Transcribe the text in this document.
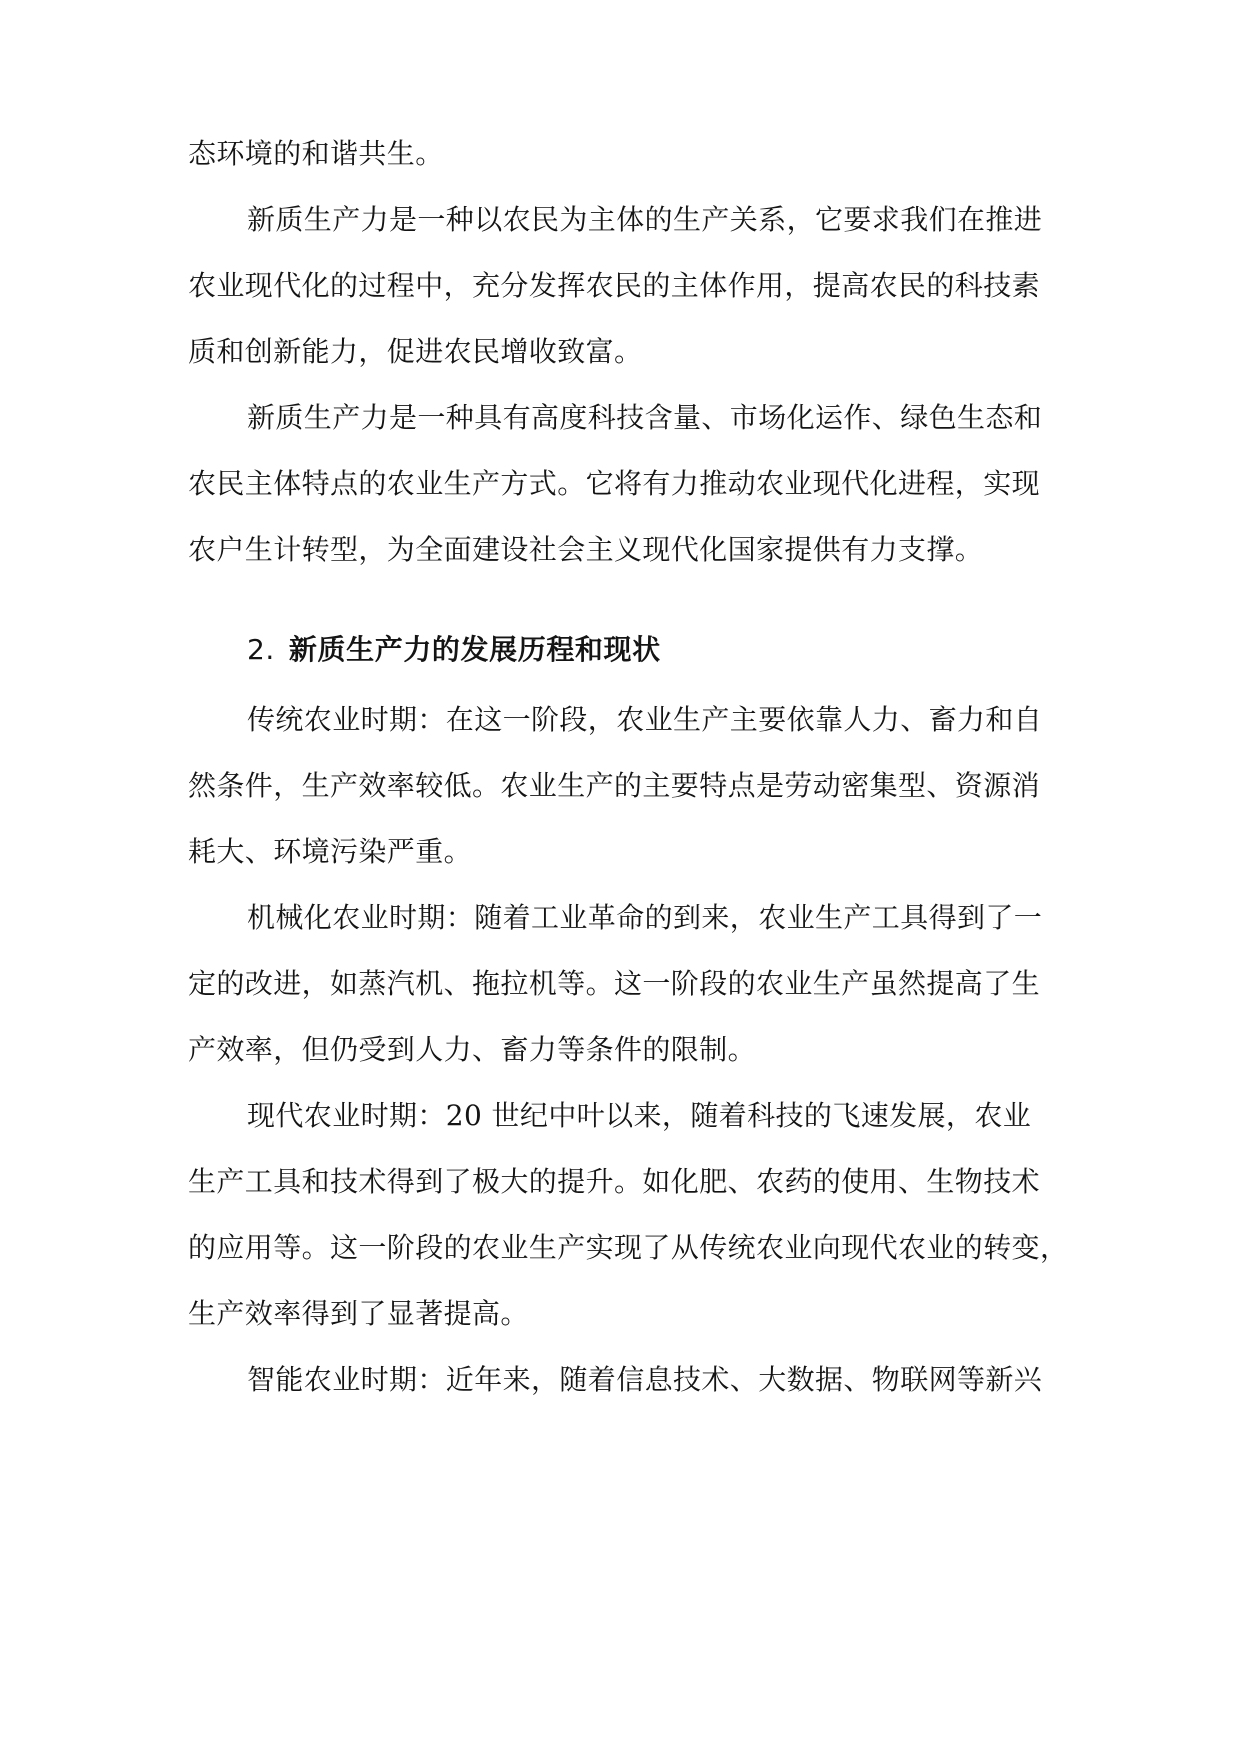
态环境的和谐共生。
新质生产力是一种以农民为主体的生产关系，它要求我们在推进
农业现代化的过程中，充分发挥农民的主体作用，提高农民的科技素
质和创新能力，促进农民增收致富。
新质生产力是一种具有高度科技含量、市场化运作、绿色生态和
农民主体特点的农业生产方式。它将有力推动农业现代化进程，实现
农户生计转型，为全面建设社会主义现代化国家提供有力支撑。
2. 新质生产力的发展历程和现状
传统农业时期：在这一阶段，农业生产主要依靠人力、畜力和自
然条件，生产效率较低。农业生产的主要特点是劳动密集型、资源消
耗大、环境污染严重。
机械化农业时期：随着工业革命的到来，农业生产工具得到了一
定的改进，如蒸汽机、拖拉机等。这一阶段的农业生产虽然提高了生
产效率，但仍受到人力、畜力等条件的限制。
现代农业时期：20 世纪中叶以来，随着科技的飞速发展，农业
生产工具和技术得到了极大的提升。如化肥、农药的使用、生物技术
的应用等。这一阶段的农业生产实现了从传统农业向现代农业的转变，
生产效率得到了显著提高。
智能农业时期：近年来，随着信息技术、大数据、物联网等新兴
